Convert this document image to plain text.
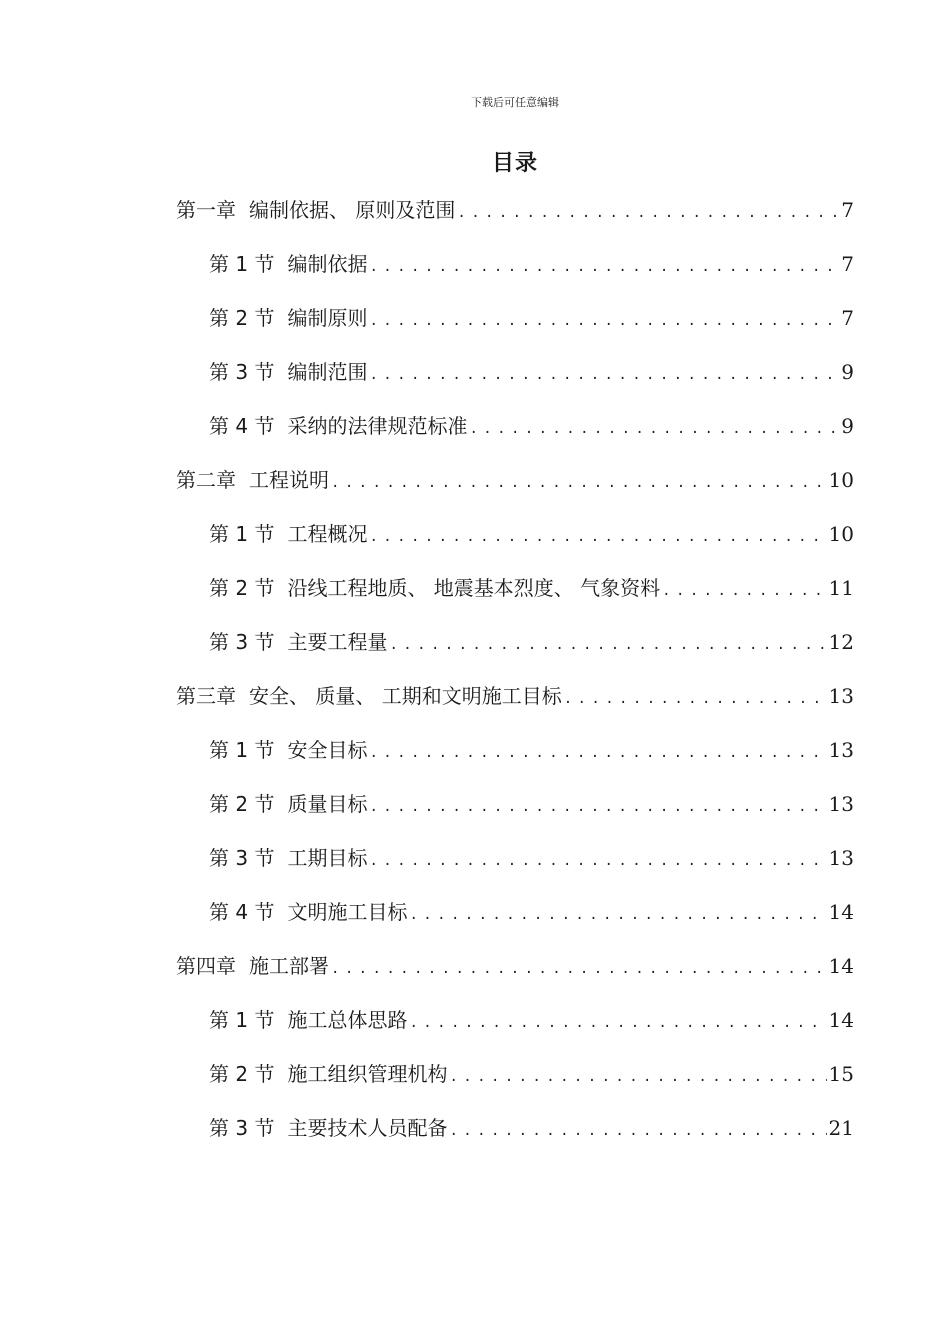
下载后可任意编辑
目录
第一章 编制依据、 原则及范围 .....	7
第 1 节 编制依据 .....	7
第 2 节 编制原则 .....	7
第 3 节 编制范围 .....	9
第 4 节 采纳的法律规范标准 .....	9
第二章 工程说明 .....	10
第 1 节 工程概况 .....	10
第 2 节 沿线工程地质、 地震基本烈度、 气象资料 .....	11
第 3 节 主要工程量 .....	12
第三章 安全、 质量、 工期和文明施工目标 .....	13
第 1 节 安全目标 .....	13
第 2 节 质量目标 .....	13
第 3 节 工期目标 .....	13
第 4 节 文明施工目标 .....	14
第四章 施工部署 .....	14
第 1 节 施工总体思路 .....	14
第 2 节 施工组织管理机构 .....	15
第 3 节 主要技术人员配备 .....	21
